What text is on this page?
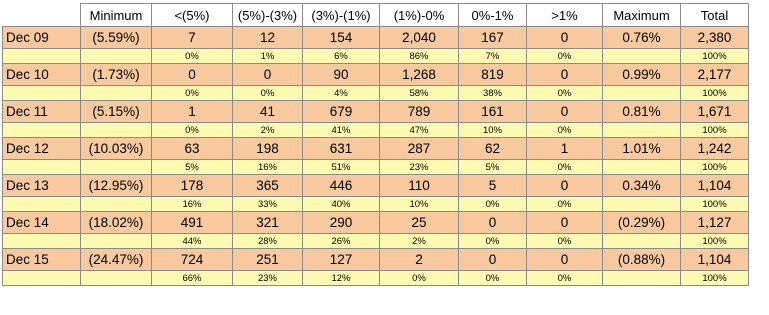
	Minimum	<(5%)	(5%)-(3%)	(3%)-(1%)	(1%)-0%	0%-1%	>1%	Maximum	Total
Dec 09	(5.59%)	7	12	154	2,040	167	0	0.76%	2,380
		0%	1%	6%	86%	7%	0%		100%
Dec 10	(1.73%)	0	0	90	1,268	819	0	0.99%	2,177
		0%	0%	4%	58%	38%	0%		100%
Dec 11	(5.15%)	1	41	679	789	161	0	0.81%	1,671
		0%	2%	41%	47%	10%	0%		100%
Dec 12	(10.03%)	63	198	631	287	62	1	1.01%	1,242
		5%	16%	51%	23%	5%	0%		100%
Dec 13	(12.95%)	178	365	446	110	5	0	0.34%	1,104
		16%	33%	40%	10%	0%	0%		100%
Dec 14	(18.02%)	491	321	290	25	0	0	(0.29%)	1,127
		44%	28%	26%	2%	0%	0%		100%
Dec 15	(24.47%)	724	251	127	2	0	0	(0.88%)	1,104
		66%	23%	12%	0%	0%	0%		100%
